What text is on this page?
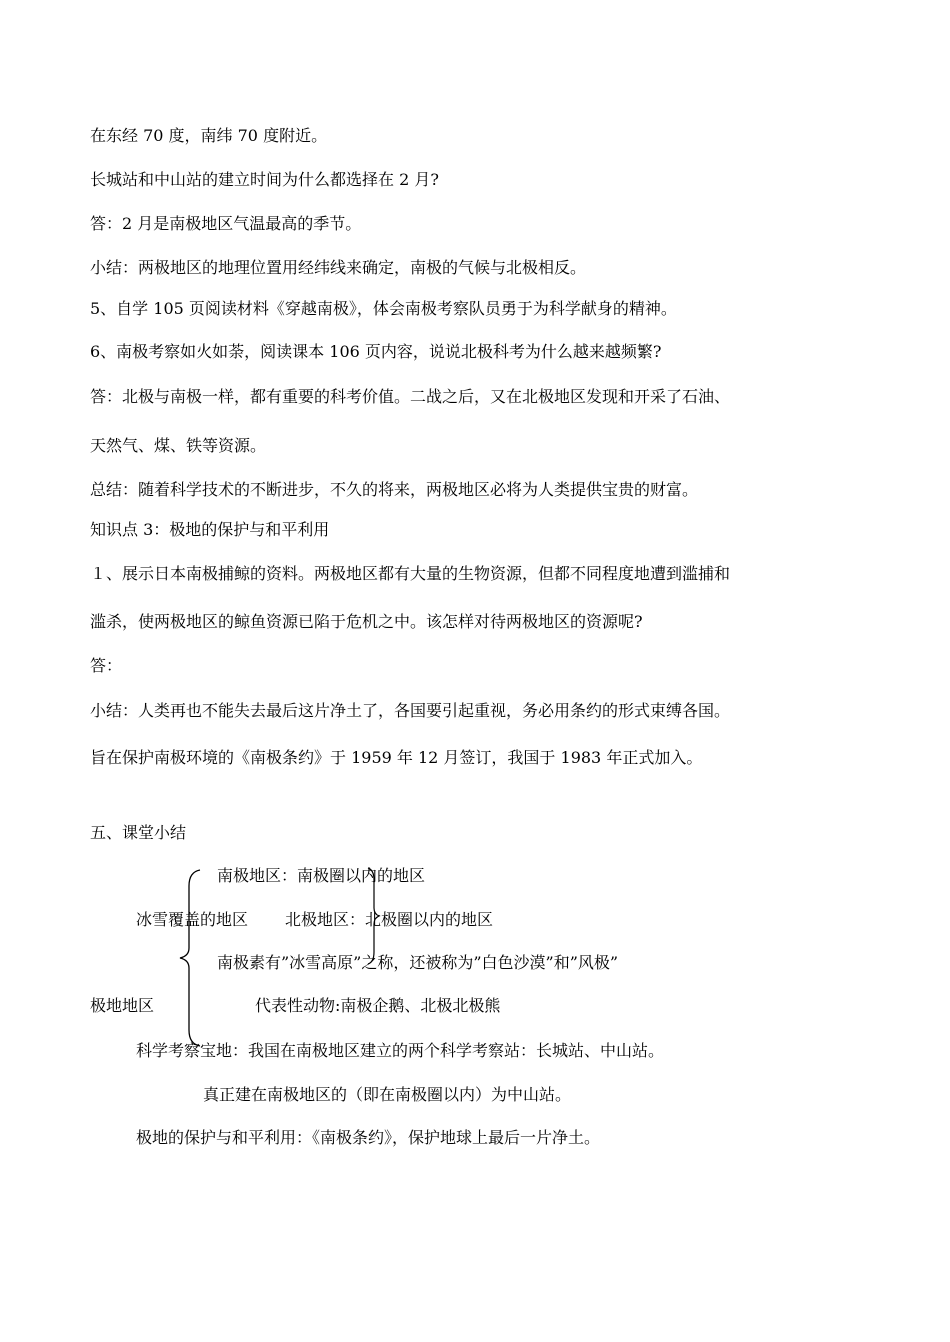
在东经 70 度，南纬 70 度附近。
长城站和中山站的建立时间为什么都选择在 2 月?
答：2 月是南极地区气温最高的季节。
小结：两极地区的地理位置用经纬线来确定，南极的气候与北极相反。
5、自学 105 页阅读材料《穿越南极》，体会南极考察队员勇于为科学献身的精神。
6、南极考察如火如荼，阅读课本 106 页内容，说说北极科考为什么越来越频繁?
答：北极与南极一样，都有重要的科考价值。二战之后，又在北极地区发现和开采了石油、
天然气、煤、铁等资源。
总结：随着科学技术的不断进步，不久的将来，两极地区必将为人类提供宝贵的财富。
知识点 3：极地的保护与和平利用
１、展示日本南极捕鲸的资料。两极地区都有大量的生物资源，但都不同程度地遭到滥捕和
滥杀，使两极地区的鲸鱼资源已陷于危机之中。该怎样对待两极地区的资源呢?
答：
小结：人类再也不能失去最后这片净土了，各国要引起重视，务必用条约的形式束缚各国。
旨在保护南极环境的《南极条约》于 1959 年 12 月签订，我国于 1983 年正式加入。
五、课堂小结
南极地区：南极圈以内的地区
冰雪覆盖的地区 北极地区：北极圈以内的地区
南极素有”冰雪高原”之称，还被称为”白色沙漠”和”风极”
极地地区	代表性动物:南极企鹅、北极北极熊
科学考察宝地：我国在南极地区建立的两个科学考察站：长城站、中山站。
真正建在南极地区的（即在南极圈以内）为中山站。
极地的保护与和平利用：《南极条约》，保护地球上最后一片净土。
